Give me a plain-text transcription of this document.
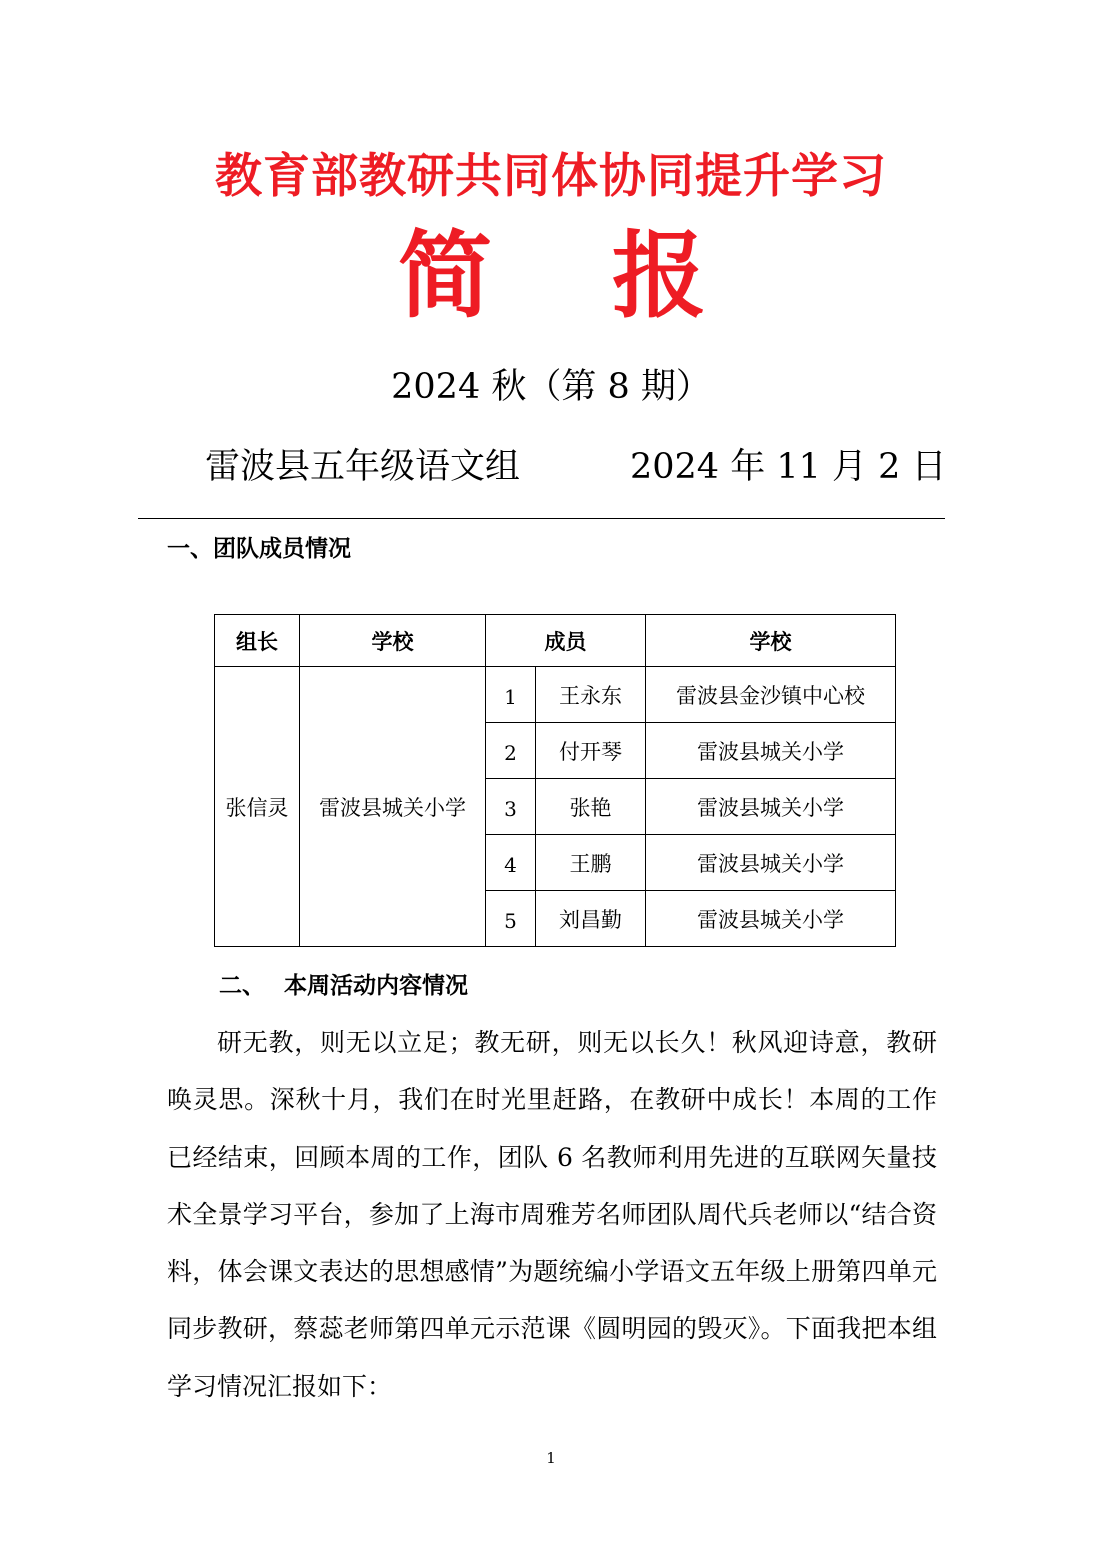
教育部教研共同体协同提升学习
简 报
2024 秋（第 8 期）
雷波县五年级语文组	2024 年 11 月 2 日
一、团队成员情况
组长	学校	成员		学校
张信灵	雷波县城关小学	1	王永东	雷波县金沙镇中心校
		2	付开琴	雷波县城关小学
		3	张艳	雷波县城关小学
		4	王鹏	雷波县城关小学
		5	刘昌勤	雷波县城关小学
二、 本周活动内容情况
研无教，则无以立足；教无研，则无以长久！秋风迎诗意，教研唤灵思。深秋十月，我们在时光里赶路，在教研中成长！本周的工作已经结束，回顾本周的工作，团队 6 名教师利用先进的互联网矢量技术全景学习平台，参加了上海市周雅芳名师团队周代兵老师以“结合资料，体会课文表达的思想感情”为题统编小学语文五年级上册第四单元同步教研，蔡蕊老师第四单元示范课《圆明园的毁灭》。下面我把本组学习情况汇报如下：
1
